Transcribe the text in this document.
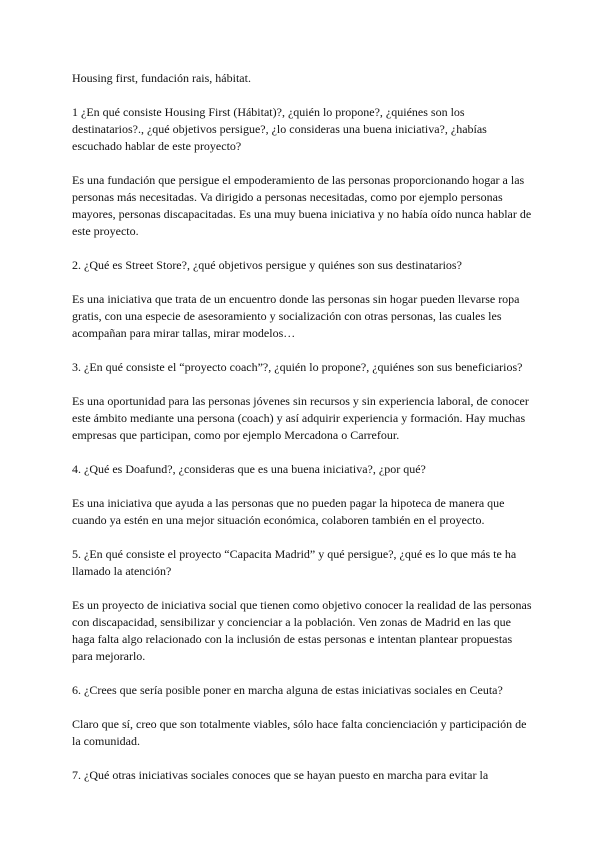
Housing first, fundación rais, hábitat.

1 ¿En qué consiste Housing First (Hábitat)?, ¿quién lo propone?, ¿quiénes son los destinatarios?., ¿qué objetivos persigue?, ¿lo consideras una buena iniciativa?, ¿habías escuchado hablar de este proyecto?

Es una fundación que persigue el empoderamiento de las personas proporcionando hogar a las personas más necesitadas. Va dirigido a personas necesitadas, como por ejemplo personas mayores, personas discapacitadas. Es una muy buena iniciativa y no había oído nunca hablar de este proyecto.

2. ¿Qué es Street Store?, ¿qué objetivos persigue y quiénes son sus destinatarios?

Es una iniciativa que trata de un encuentro donde las personas sin hogar pueden llevarse ropa gratis, con una especie de asesoramiento y socialización con otras personas, las cuales les acompañan para mirar tallas, mirar modelos…

3. ¿En qué consiste el “proyecto coach”?, ¿quién lo propone?, ¿quiénes son sus beneficiarios?

Es una oportunidad para las personas jóvenes sin recursos y sin experiencia laboral, de conocer este ámbito mediante una persona (coach) y así adquirir experiencia y formación. Hay muchas empresas que participan, como por ejemplo Mercadona o Carrefour.

4. ¿Qué es Doafund?, ¿consideras que es una buena iniciativa?, ¿por qué?

Es una iniciativa que ayuda a las personas que no pueden pagar la hipoteca de manera que cuando ya estén en una mejor situación económica, colaboren también en el proyecto.

5. ¿En qué consiste el proyecto “Capacita Madrid” y qué persigue?, ¿qué es lo que más te ha llamado la atención?

Es un proyecto de iniciativa social que tienen como objetivo conocer la realidad de las personas con discapacidad, sensibilizar y concienciar a la población. Ven zonas de Madrid en las que haga falta algo relacionado con la inclusión de estas personas e intentan plantear propuestas para mejorarlo.

6. ¿Crees que sería posible poner en marcha alguna de estas iniciativas sociales en Ceuta?

Claro que sí, creo que son totalmente viables, sólo hace falta concienciación y participación de la comunidad.

7. ¿Qué otras iniciativas sociales conoces que se hayan puesto en marcha para evitar la
